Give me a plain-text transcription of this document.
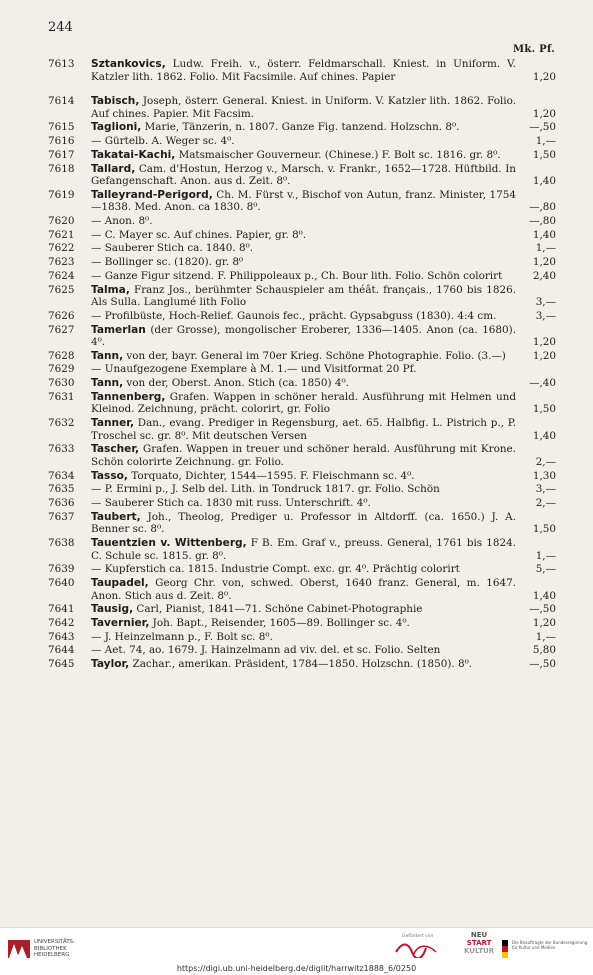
244
Mk. Pf.
7613	Sztankovics, Ludw. Freih. v., österr. Feldmarschall. Kniest. in Uniform. V. Katzler lith. 1862. Folio. Mit Facsimile. Auf chines. Papier	1,20
7614	Tabisch, Joseph, österr. General. Kniest. in Uniform. V. Katzler lith. 1862. Folio. Auf chines. Papier. Mit Facsim.	1,20
7615	Taglioni, Marie, Tänzerin, n. 1807. Ganze Fig. tanzend. Holzschn. 8⁰.	—,50
7616	— Gürtelb. A. Weger sc. 4⁰.	1,—
7617	Takatai-Kachi, Matsmaischer Gouverneur. (Chinese.) F. Bolt sc. 1816. gr. 8⁰.	1,50
7618	Tallard, Cam. d'Hostun, Herzog v., Marsch. v. Frankr., 1652—1728. Hüftbild. In Gefangenschaft. Anon. aus d. Zeit. 8⁰.	1,40
7619	Talleyrand-Perigord, Ch. M. Fürst v., Bischof von Autun, franz. Minister, 1754—1838. Med. Anon. ca 1830. 8⁰.	—,80
7620	— Anon. 8⁰.	—,80
7621	— C. Mayer sc. Auf chines. Papier, gr. 8⁰.	1,40
7622	— Sauberer Stich ca. 1840. 8⁰.	1,—
7623	— Bollinger sc. (1820). gr. 8⁰	1,20
7624	— Ganze Figur sitzend. F. Philippoleaux p., Ch. Bour lith. Folio. Schön colorirt	2,40
7625	Talma, Franz Jos., berühmter Schauspieler am théât. français., 1760 bis 1826. Als Sulla. Langlumé lith Folio	3,—
7626	— Profilbüste, Hoch-Relief. Gaunois fec., prächt. Gypsabguss (1830). 4:4 cm.	3,—
7627	Tamerlan (der Grosse), mongolischer Eroberer, 1336—1405. Anon (ca. 1680). 4⁰.	1,20
7628	Tann, von der, bayr. General im 70er Krieg. Schöne Photographie. Folio. (3.—)	1,20
7629	— Unaufgezogene Exemplare à M. 1.— und Visitformat 20 Pf.
7630	Tann, von der, Oberst. Anon. Stich (ca. 1850) 4⁰.	—,40
7631	Tannenberg, Grafen. Wappen in schöner herald. Ausführung mit Helmen und Kleinod. Zeichnung, prächt. colorirt, gr. Folio	1,50
7632	Tanner, Dan., evang. Prediger in Regensburg, aet. 65. Halbfig. L. Pistrich p., P. Troschel sc. gr. 8⁰. Mit deutschen Versen	1,40
7633	Tascher, Grafen. Wappen in treuer und schöner herald. Ausführung mit Krone. Schön colorirte Zeichnung. gr. Folio.	2,—
7634	Tasso, Torquato, Dichter, 1544—1595. F. Fleischmann sc. 4⁰.	1,30
7635	— P. Ermini p., J. Selb del. Lith. in Tondruck 1817. gr. Folio. Schön	3,—
7636	— Sauberer Stich ca. 1830 mit russ. Unterschrift. 4⁰.	2,—
7637	Taubert, Joh., Theolog, Prediger u. Professor in Altdorff. (ca. 1650.) J. A. Benner sc. 8⁰.	1,50
7638	Tauentzien v. Wittenberg, F B. Em. Graf v., preuss. General, 1761 bis 1824. C. Schule sc. 1815. gr. 8⁰.	1,—
7639	— Kupferstich ca. 1815. Industrie Compt. exc. gr. 4⁰. Prächtig colorirt	5,—
7640	Taupadel, Georg Chr. von, schwed. Oberst, 1640 franz. General, m. 1647. Anon. Stich aus d. Zeit. 8⁰.	1,40
7641	Tausig, Carl, Pianist, 1841—71. Schöne Cabinet-Photographie	—,50
7642	Tavernier, Joh. Bapt., Reisender, 1605—89. Bollinger sc. 4⁰.	1,20
7643	— J. Heinzelmann p., F. Bolt sc. 8⁰.	1,—
7644	— Aet. 74, ao. 1679. J. Hainzelmann ad viv. del. et sc. Folio. Selten	5,80
7645	Taylor, Zachar., amerikan. Präsident, 1784—1850. Holzschn. (1850). 8⁰.	—,50
UNIVERSITÄTS-
BIBLIOTHEK
HEIDELBERG
Gefördert von	NEU
START
KULTUR
Die Beauftragte der Bundesregierung
für Kultur und Medien
https://digi.ub.uni-heidelberg.de/diglit/harrwitz1888_6/0250
